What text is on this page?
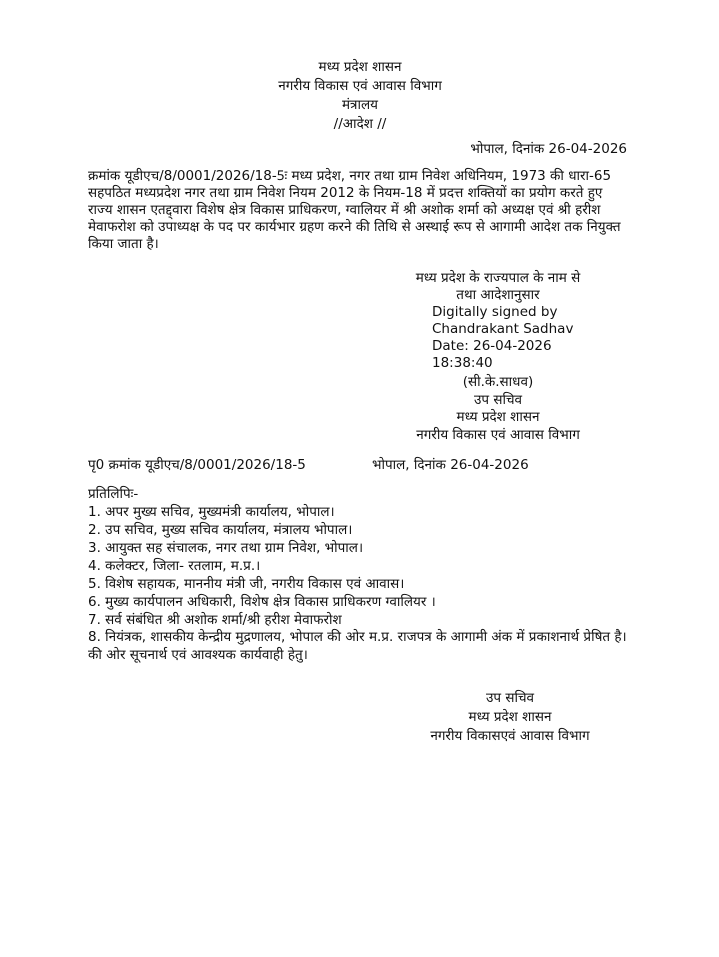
मध्य प्रदेश शासन
नगरीय विकास एवं आवास विभाग
मंत्रालय
//आदेश //
भोपाल, दिनांक 26-04-2026
क्रमांक यूडीएच/8/0001/2026/18-5ः मध्य प्रदेश, नगर तथा ग्राम निवेश अधिनियम, 1973 की धारा-65 सहपठित मध्यप्रदेश नगर तथा ग्राम निवेश नियम 2012 के नियम-18 में प्रदत्त शक्तियों का प्रयोग करते हुए राज्य शासन एतद्द्वारा विशेष क्षेत्र विकास प्राधिकरण, ग्वालियर में श्री अशोक शर्मा को अध्यक्ष एवं श्री हरीश मेवाफरोश को उपाध्यक्ष के पद पर कार्यभार ग्रहण करने की तिथि से अस्थाई रूप से आगामी आदेश तक नियुक्त किया जाता है।
मध्य प्रदेश के राज्यपाल के नाम से
तथा आदेशानुसार
Digitally signed by
Chandrakant Sadhav
Date: 26-04-2026
18:38:40
(सी.के.साधव)
उप सचिव
मध्य प्रदेश शासन
नगरीय विकास एवं आवास विभाग
पृ0 क्रमांक यूडीएच/8/0001/2026/18-5	भोपाल, दिनांक 26-04-2026
प्रतिलिपिः-
1. अपर मुख्य सचिव, मुख्यमंत्री कार्यालय, भोपाल।
2. उप सचिव, मुख्य सचिव कार्यालय, मंत्रालय भोपाल।
3. आयुक्त सह संचालक, नगर तथा ग्राम निवेश, भोपाल।
4. कलेक्टर, जिला- रतलाम, म.प्र.।
5. विशेष सहायक, माननीय मंत्री जी, नगरीय विकास एवं आवास।
6. मुख्य कार्यपालन अधिकारी, विशेष क्षेत्र विकास प्राधिकरण ग्वालियर ।
7. सर्व संबंधित श्री अशोक शर्मा/श्री हरीश मेवाफरोश
8. नियंत्रक, शासकीय केन्द्रीय मुद्रणालय, भोपाल की ओर म.प्र. राजपत्र के आगामी अंक में प्रकाशनार्थ प्रेषित है।
की ओर सूचनार्थ एवं आवश्यक कार्यवाही हेतु।
उप सचिव
मध्य प्रदेश शासन
नगरीय विकासएवं आवास विभाग
